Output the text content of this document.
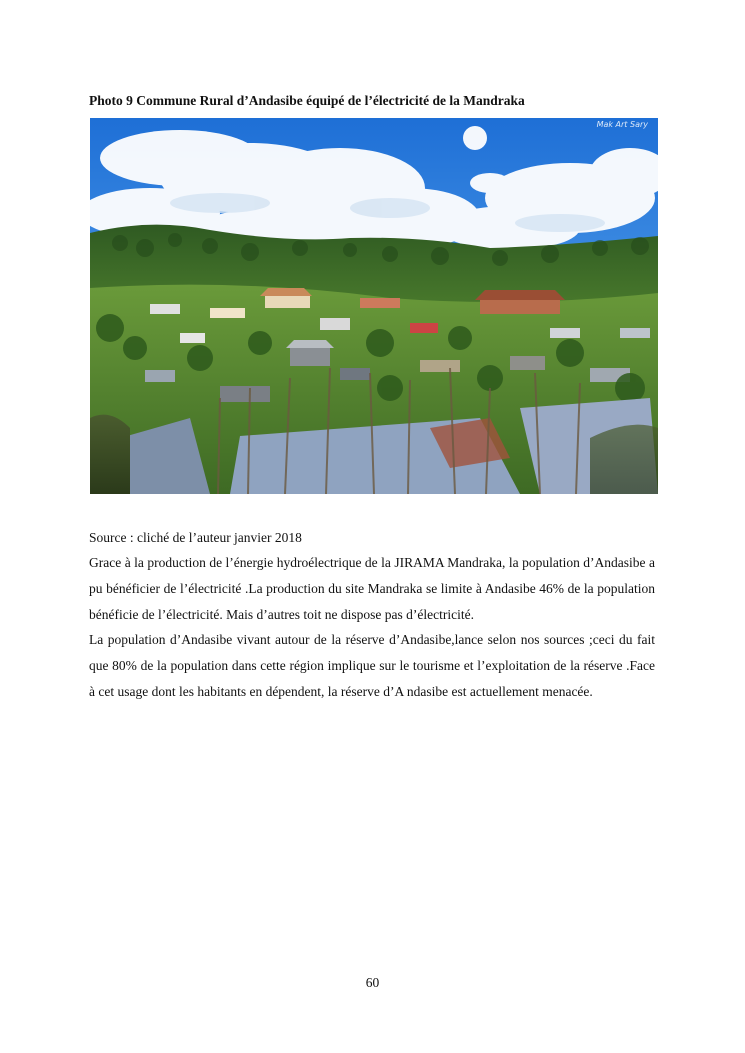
Photo 9 Commune Rural d’Andasibe équipé de l’électricité de la Mandraka
Mak Art Sary
Source : cliché de l’auteur janvier 2018

Grace à la production de l’énergie hydroélectrique de la JIRAMA Mandraka, la population d’Andasibe a pu bénéficier de l’électricité .La production du site Mandraka se limite à Andasibe 46% de la population bénéficie de l’électricité. Mais d’autres toit ne dispose pas d’électricité.

La population d’Andasibe vivant autour de la réserve d’Andasibe,lance selon nos sources ;ceci du fait que 80% de la population dans cette région implique sur le tourisme et l’exploitation de la réserve .Face à cet usage dont les habitants en dépendent, la réserve d’A ndasibe est actuellement menacée.

60
